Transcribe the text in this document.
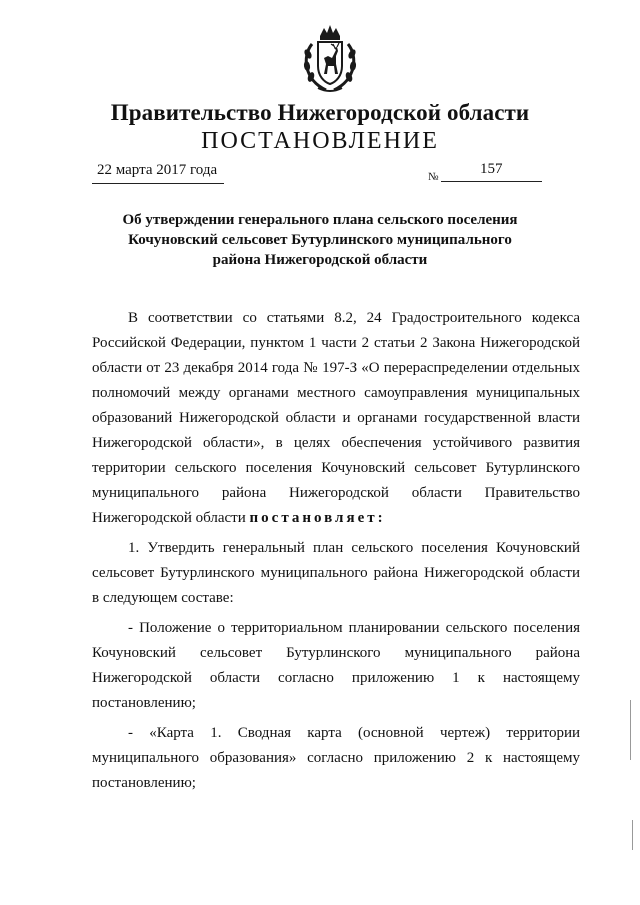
Правительство Нижегородской области
ПОСТАНОВЛЕНИЕ
22 марта 2017 года	№	157
Об утверждении генерального плана сельского поселения
Кочуновский сельсовет Бутурлинского муниципального
района Нижегородской области
В соответствии со статьями 8.2, 24 Градостроительного кодекса
Российской Федерации, пунктом 1 части 2 статьи 2 Закона Нижегородской
области от 23 декабря 2014 года № 197-З «О перераспределении отдельных
полномочий между органами местного самоуправления муниципальных
образований Нижегородской области и органами государственной власти
Нижегородской области», в целях обеспечения устойчивого развития
территории сельского поселения Кочуновский сельсовет Бутурлинского
муниципального района Нижегородской области Правительство
Нижегородской области постановляет:
1. Утвердить генеральный план сельского поселения Кочуновский
сельсовет Бутурлинского муниципального района Нижегородской области
в следующем составе:
- Положение о территориальном планировании сельского поселения
Кочуновский сельсовет Бутурлинского муниципального района
Нижегородской области согласно приложению 1 к настоящему
постановлению;
- «Карта 1. Сводная карта (основной чертеж) территории
муниципального образования» согласно приложению 2 к настоящему
постановлению;
